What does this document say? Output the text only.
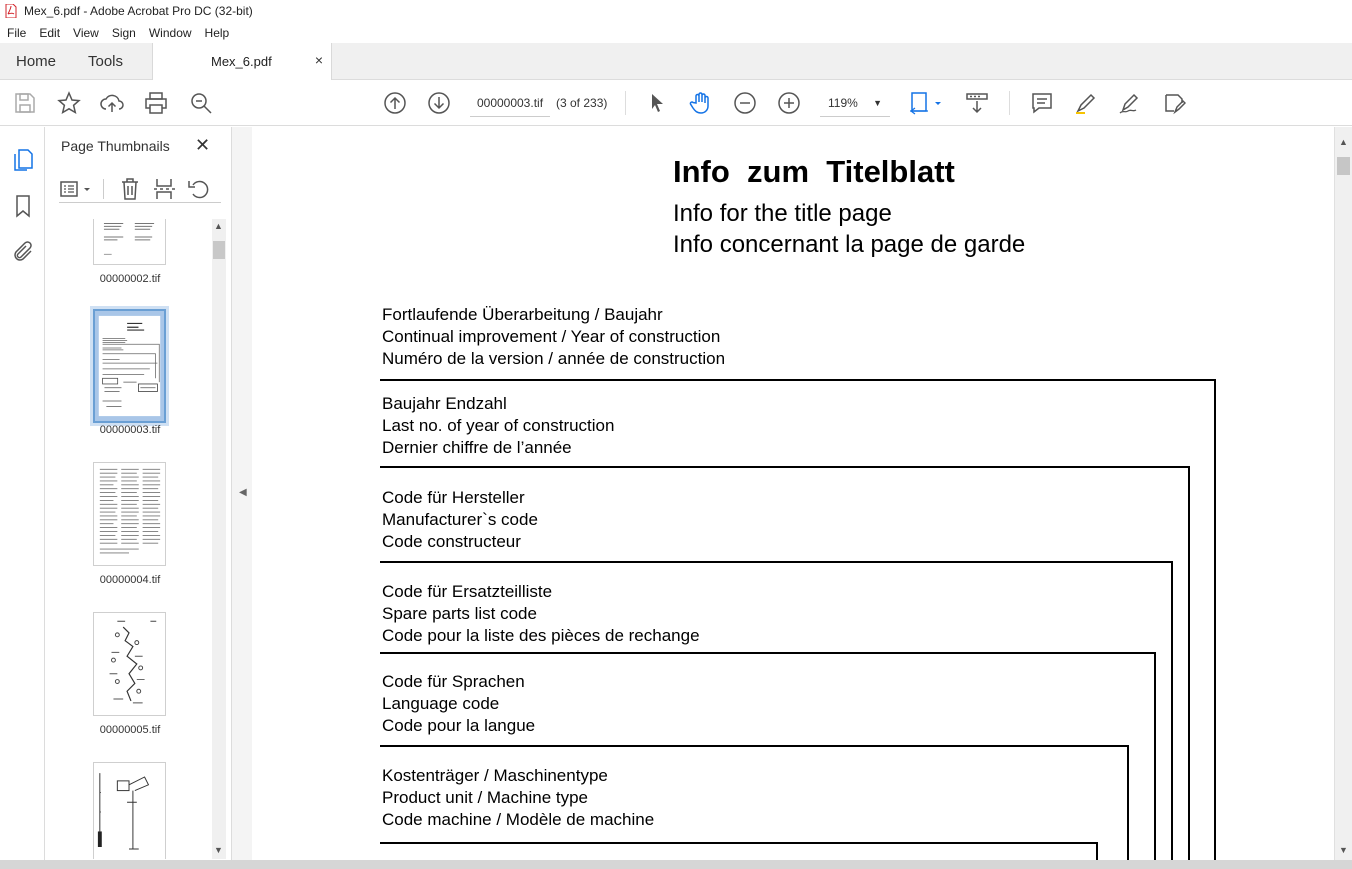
Mex_6.pdf - Adobe Acrobat Pro DC (32-bit)
File	Edit	View	Sign	Window	Help
Home Tools	Mex_6.pdf	×
00000003.tif	(3 of 233)	119% ▼
Page Thumbnails ✕
00000002.tif
00000003.tif
00000004.tif
00000005.tif
▲
▼
◀
Info  zum  Titelblatt
Info for the title page
Info concernant la page de garde
Fortlaufende Überarbeitung / Baujahr
Continual improvement / Year of construction
Numéro de la version / année de construction
Baujahr Endzahl
Last no. of year of construction
Dernier chiffre de l’année
Code für Hersteller
Manufacturer`s code
Code constructeur
Code für Ersatzteilliste
Spare parts list code
Code pour la liste des pièces de rechange
Code für Sprachen
Language code
Code pour la langue
Kostenträger / Maschinentype
Product unit / Machine type
Code machine / Modèle de machine
▲
▼
